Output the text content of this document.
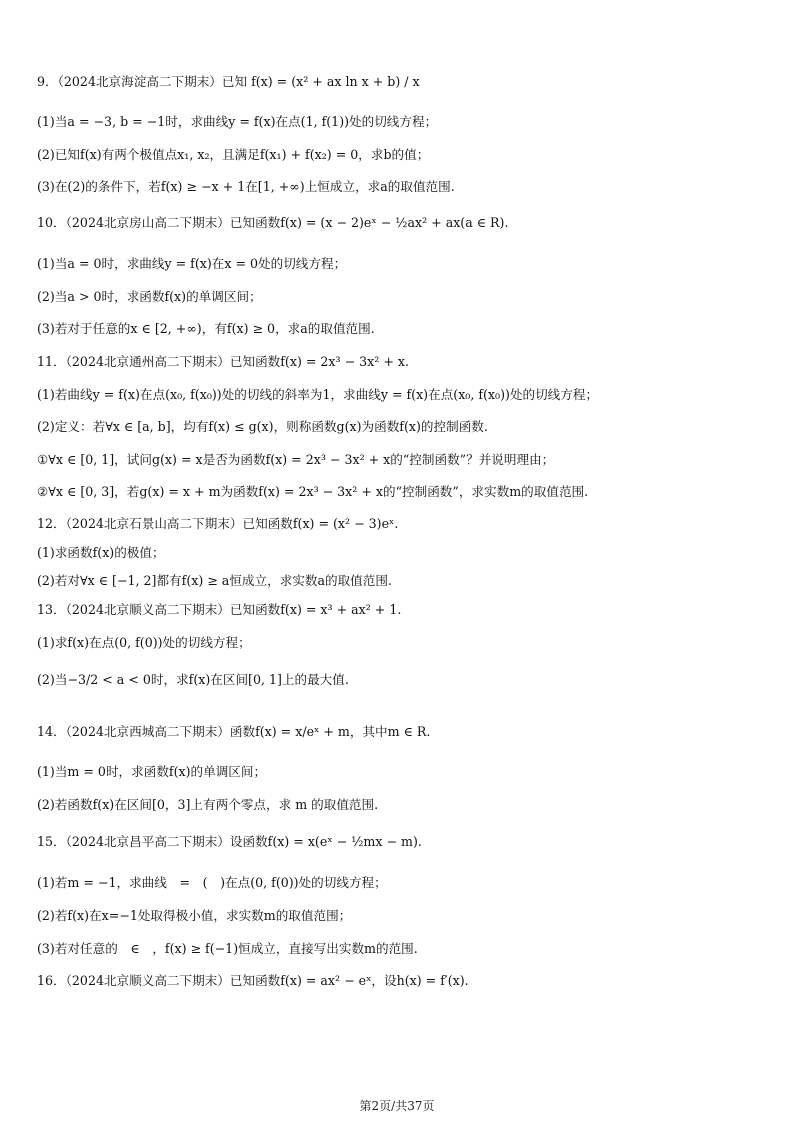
9．（2024北京海淀高二下期末）已知 f(x) = (x² + ax ln x + b) / x
(1)当a = −3, b = −1时，求曲线y = f(x)在点(1, f(1))处的切线方程；
(2)已知f(x)有两个极值点x₁, x₂，且满足f(x₁) + f(x₂) = 0，求b的值；
(3)在(2)的条件下，若f(x) ≥ −x + 1在[1, +∞)上恒成立，求a的取值范围.
10．（2024北京房山高二下期末）已知函数f(x) = (x − 2)eˣ − ½ax² + ax(a ∈ R).
(1)当a = 0时，求曲线y = f(x)在x = 0处的切线方程；
(2)当a > 0时，求函数f(x)的单调区间；
(3)若对于任意的x ∈ [2, +∞)，有f(x) ≥ 0，求a的取值范围.
11．（2024北京通州高二下期末）已知函数f(x) = 2x³ − 3x² + x.
(1)若曲线y = f(x)在点(x₀, f(x₀))处的切线的斜率为1，求曲线y = f(x)在点(x₀, f(x₀))处的切线方程；
(2)定义：若∀x ∈ [a, b]，均有f(x) ≤ g(x)，则称函数g(x)为函数f(x)的控制函数.
①∀x ∈ [0, 1]，试问g(x) = x是否为函数f(x) = 2x³ − 3x² + x的“控制函数”？并说明理由；
②∀x ∈ [0, 3]，若g(x) = x + m为函数f(x) = 2x³ − 3x² + x的“控制函数”，求实数m的取值范围.
12．（2024北京石景山高二下期末）已知函数f(x) = (x² − 3)eˣ.
(1)求函数f(x)的极值；
(2)若对∀x ∈ [−1, 2]都有f(x) ≥ a恒成立，求实数a的取值范围.
13．（2024北京顺义高二下期末）已知函数f(x) = x³ + ax² + 1.
(1)求f(x)在点(0, f(0))处的切线方程；
(2)当−3/2 < a < 0时，求f(x)在区间[0, 1]上的最大值.
14．（2024北京西城高二下期末）函数f(x) = x/eˣ + m，其中m ∈ R.
(1)当m = 0时，求函数f(x)的单调区间；
(2)若函数f(x)在区间[0，3]上有两个零点，求 m 的取值范围.
15．（2024北京昌平高二下期末）设函数f(x) = x(eˣ − ½mx − m).
(1)若m = −1，求曲线　=　(　)在点(0, f(0))处的切线方程；
(2)若f(x)在x=−1处取得极小值，求实数m的取值范围；
(3)若对任意的　∈　，f(x) ≥ f(−1)恒成立，直接写出实数m的范围.
16．（2024北京顺义高二下期末）已知函数f(x) = ax² − eˣ，设h(x) = f′(x).
第2页/共37页
